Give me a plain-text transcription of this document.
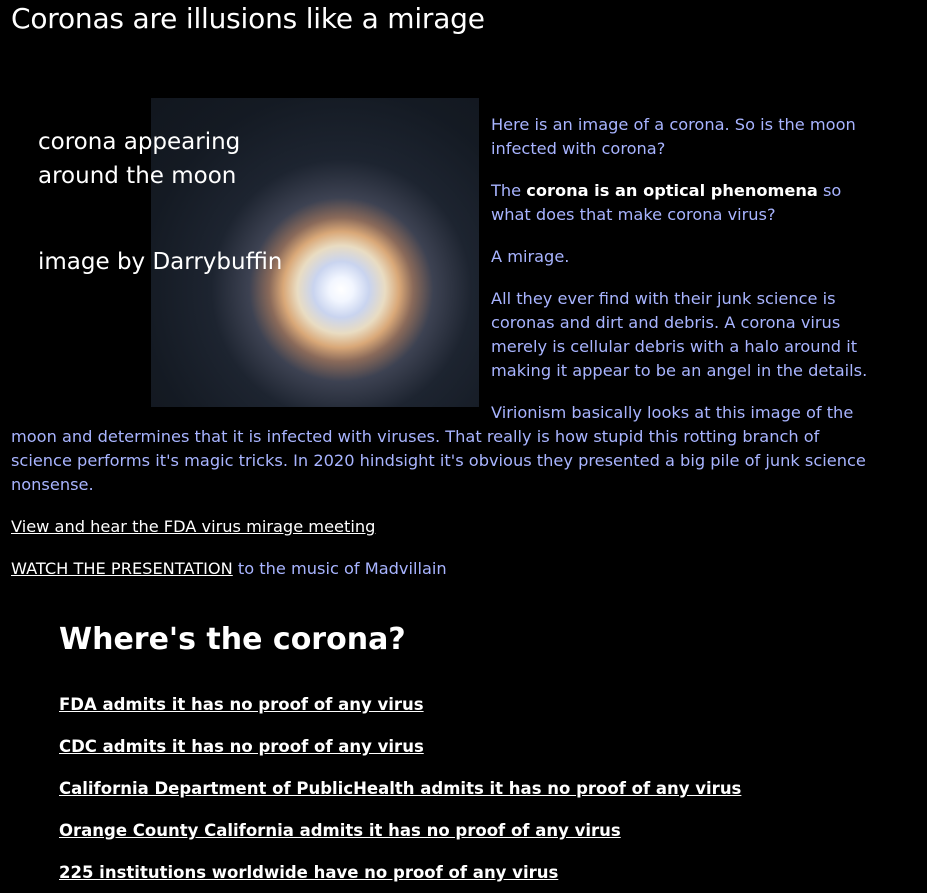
Coronas are illusions like a mirage

corona appearing around the moon

image by Darrybuffin

Here is an image of a corona. So is the moon infected with corona?

The corona is an optical phenomena so what does that make corona virus?

A mirage.

All they ever find with their junk science is coronas and dirt and debris. A corona virus merely is cellular debris with a halo around it making it appear to be an angel in the details.

Virionism basically looks at this image of the moon and determines that it is infected with viruses. That really is how stupid this rotting branch of science performs it's magic tricks. In 2020 hindsight it's obvious they presented a big pile of junk science nonsense.

View and hear the FDA virus mirage meeting

WATCH THE PRESENTATION to the music of Madvillain

Where's the corona?
FDA admits it has no proof of any virus
CDC admits it has no proof of any virus
California Department of PublicHealth admits it has no proof of any virus
Orange County California admits it has no proof of any virus
225 institutions worldwide have no proof of any virus
